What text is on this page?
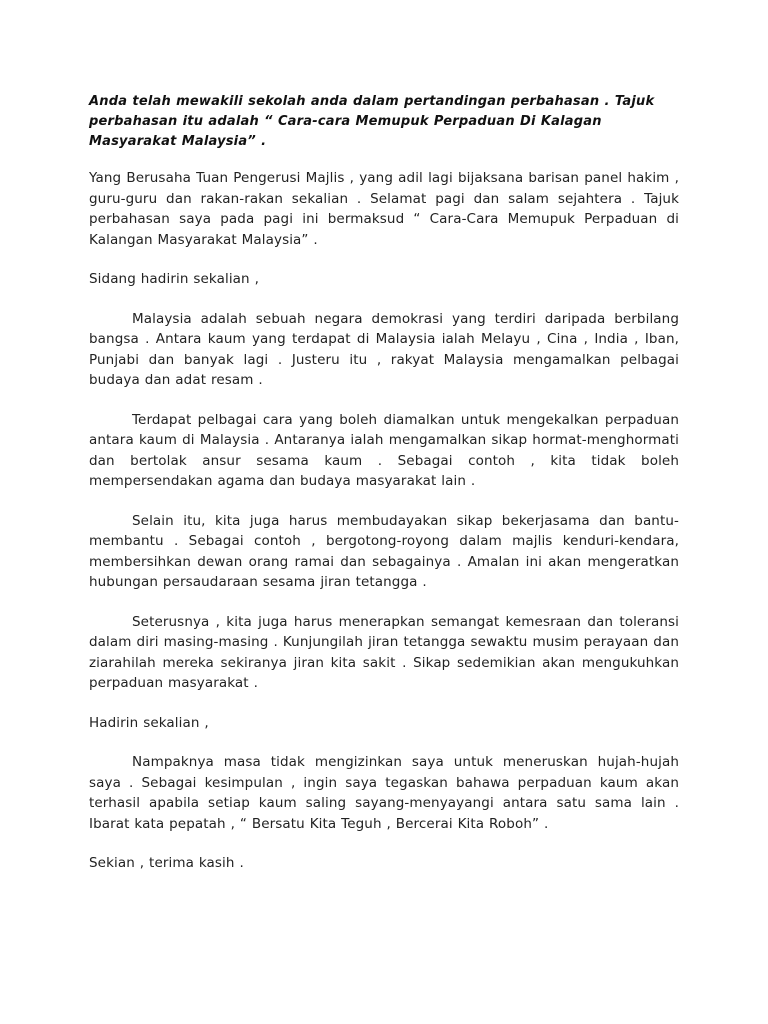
Anda telah mewakili sekolah anda dalam pertandingan perbahasan . Tajuk perbahasan itu adalah “ Cara-cara Memupuk Perpaduan Di Kalagan Masyarakat Malaysia” .

Yang Berusaha Tuan Pengerusi Majlis , yang adil lagi bijaksana barisan panel hakim , guru-guru dan rakan-rakan sekalian . Selamat pagi dan salam sejahtera . Tajuk perbahasan saya pada pagi ini bermaksud “ Cara-Cara Memupuk Perpaduan di Kalangan Masyarakat Malaysia” .

Sidang hadirin sekalian ,

Malaysia adalah sebuah negara demokrasi yang terdiri daripada berbilang bangsa . Antara kaum yang terdapat di Malaysia ialah Melayu , Cina , India , Iban, Punjabi dan banyak lagi . Justeru itu , rakyat Malaysia mengamalkan pelbagai budaya dan adat resam .

Terdapat pelbagai cara yang boleh diamalkan untuk mengekalkan perpaduan antara kaum di Malaysia . Antaranya ialah mengamalkan sikap hormat-menghormati dan bertolak ansur sesama kaum . Sebagai contoh , kita tidak boleh mempersendakan agama dan budaya masyarakat lain .

Selain itu, kita juga harus membudayakan sikap bekerjasama dan bantu-membantu . Sebagai contoh , bergotong-royong dalam majlis kenduri-kendara, membersihkan dewan orang ramai dan sebagainya . Amalan ini akan mengeratkan hubungan persaudaraan sesama jiran tetangga .

Seterusnya , kita juga harus menerapkan semangat kemesraan dan toleransi dalam diri masing-masing . Kunjungilah jiran tetangga sewaktu musim perayaan dan ziarahilah mereka sekiranya jiran kita sakit . Sikap sedemikian akan mengukuhkan perpaduan masyarakat .

Hadirin sekalian ,

Nampaknya masa tidak mengizinkan saya untuk meneruskan hujah-hujah saya . Sebagai kesimpulan , ingin saya tegaskan bahawa perpaduan kaum akan terhasil apabila setiap kaum saling sayang-menyayangi antara satu sama lain . Ibarat kata pepatah , “ Bersatu Kita Teguh , Bercerai Kita Roboh” .

Sekian , terima kasih .
